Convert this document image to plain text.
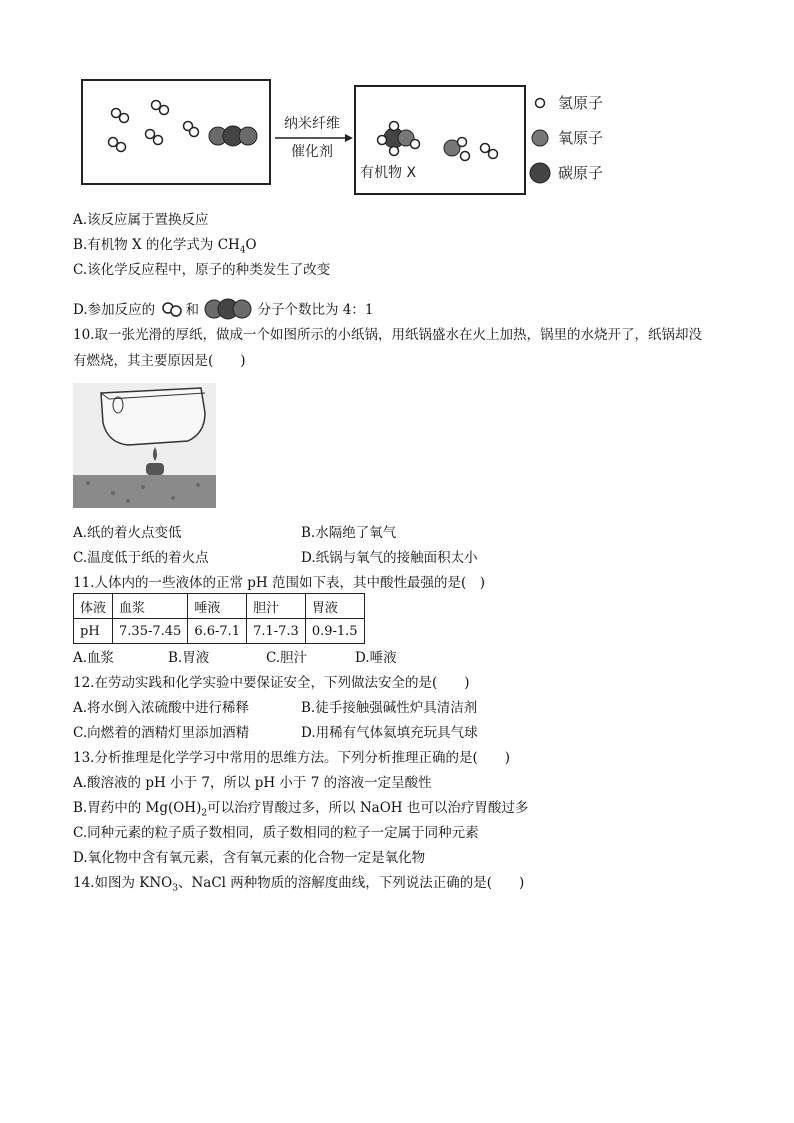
纳米纤维
催化剂
有机物 X
氢原子
氧原子
碳原子
A.该反应属于置换反应
B.有机物 X 的化学式为 $CH_4O$
C.该化学反应程中，原子的种类发生了改变
D.参加反应的 和	分子个数比为 4：1
10.取一张光滑的厚纸，做成一个如图所示的小纸锅，用纸锅盛水在火上加热，锅里的水烧开了，纸锅却没
有燃烧，其主要原因是(　　)
A.纸的着火点变低	B.水隔绝了氧气
C.温度低于纸的着火点	D.纸锅与氧气的接触面积太小
11.人体内的一些液体的正常 pH 范围如下表，其中酸性最强的是(　)
体液	血浆	唾液	胆汁	胃液
pH	7.35-7.45	6.6-7.1	7.1-7.3	0.9-1.5
A.血浆	B.胃液	C.胆汁	D.唾液
12.在劳动实践和化学实验中要保证安全，下列做法安全的是(　　)
A.将水倒入浓硫酸中进行稀释	B.徒手接触强碱性炉具清洁剂
C.向燃着的酒精灯里添加酒精	D.用稀有气体氦填充玩具气球
13.分析推理是化学学习中常用的思维方法。下列分析推理正确的是(　　)
A.酸溶液的 pH 小于 7，所以 pH 小于 7 的溶液一定呈酸性
B.胃药中的 $Mg(OH)_2$可以治疗胃酸过多，所以 NaOH 也可以治疗胃酸过多
C.同种元素的粒子质子数相同，质子数相同的粒子一定属于同种元素
D.氧化物中含有氧元素，含有氧元素的化合物一定是氧化物
14.如图为 $KNO_3$、NaCl 两种物质的溶解度曲线，下列说法正确的是(　　)
